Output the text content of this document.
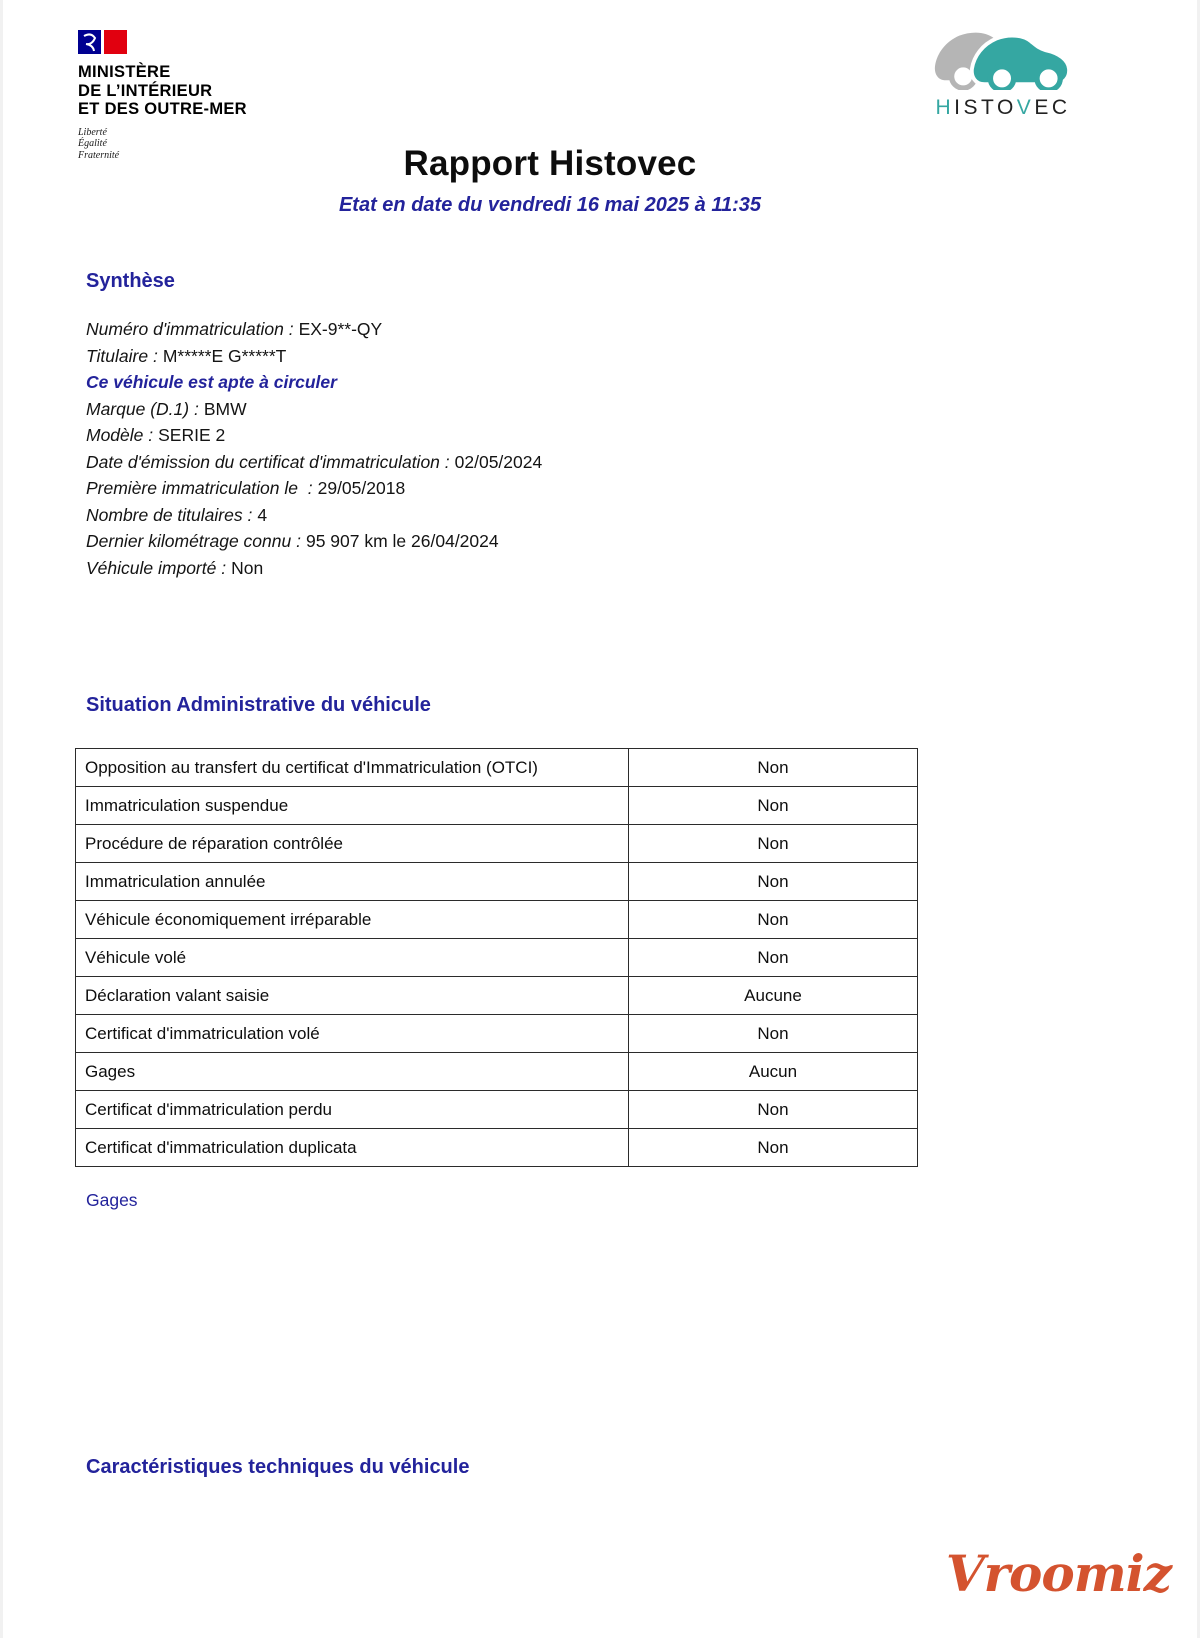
MINISTÈRE
DE L’INTÉRIEUR
ET DES OUTRE-MER
Liberté
Égalité
Fraternité
HISTOVEC
Rapport Histovec
Etat en date du vendredi 16 mai 2025 à 11:35
Synthèse
Numéro d'immatriculation : EX-9**-QY
Titulaire : M*****E G*****T
Ce véhicule est apte à circuler
Marque (D.1) : BMW
Modèle : SERIE 2
Date d'émission du certificat d'immatriculation : 02/05/2024
Première immatriculation le  : 29/05/2018
Nombre de titulaires : 4
Dernier kilométrage connu : 95 907 km le 26/04/2024
Véhicule importé : Non
Situation Administrative du véhicule
Opposition au transfert du certificat d'Immatriculation (OTCI)	Non
Immatriculation suspendue	Non
Procédure de réparation contrôlée	Non
Immatriculation annulée	Non
Véhicule économiquement irréparable	Non
Véhicule volé	Non
Déclaration valant saisie	Aucune
Certificat d'immatriculation volé	Non
Gages	Aucun
Certificat d'immatriculation perdu	Non
Certificat d'immatriculation duplicata	Non
Gages
Caractéristiques techniques du véhicule
Vroomiz
